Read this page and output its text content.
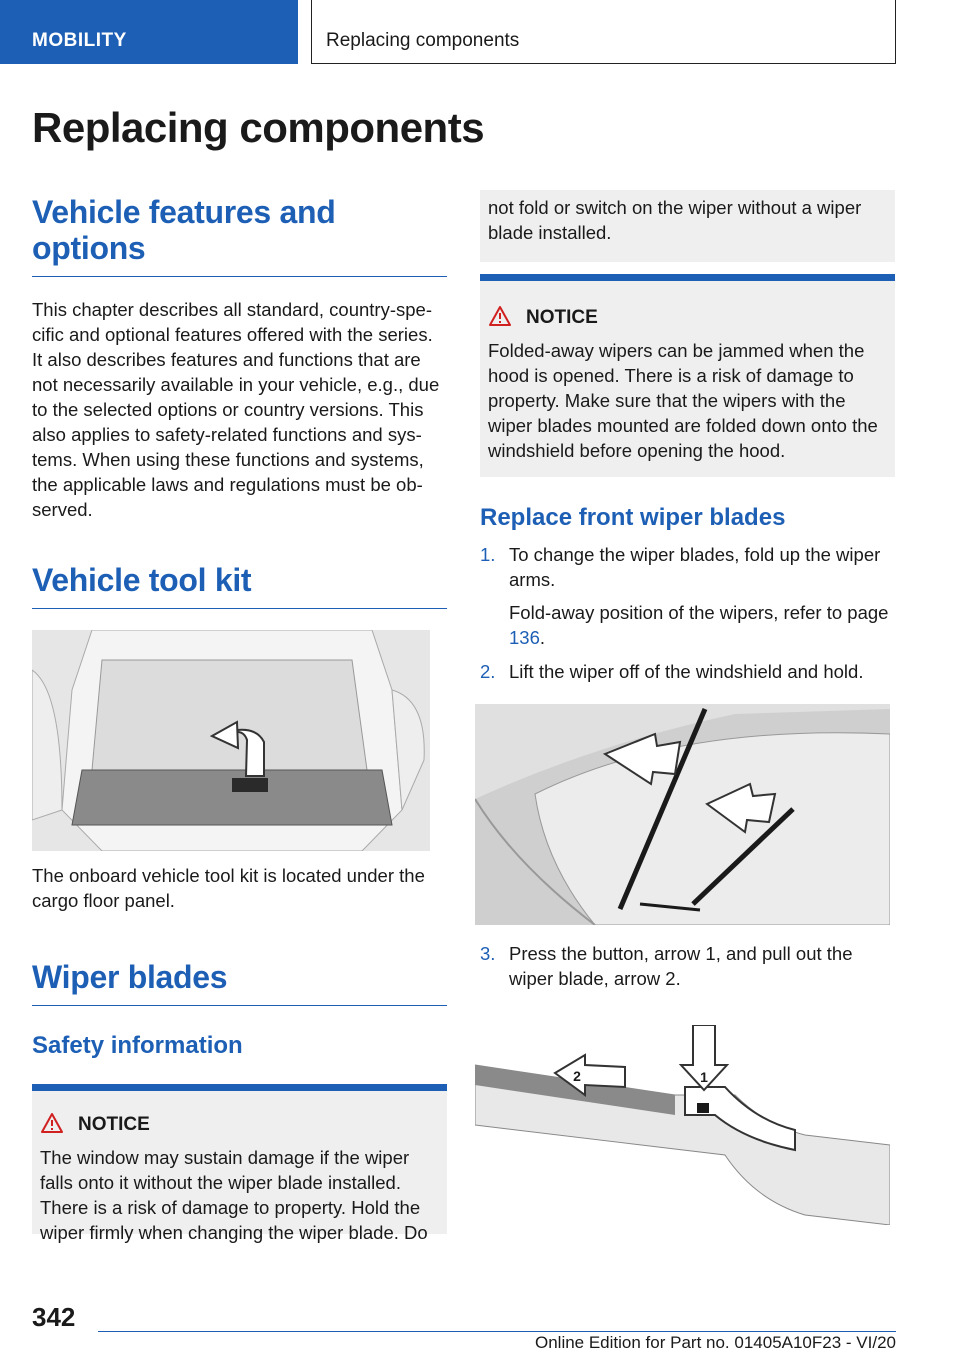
MOBILITY	Replacing components
Replacing components
Vehicle features and options

This chapter describes all standard, country-spe-cific and optional features offered with the series. It also describes features and functions that are not necessarily available in your vehicle, e.g., due to the selected options or country versions. This also applies to safety-related functions and sys-tems. When using these functions and systems, the applicable laws and regulations must be ob-served.

Vehicle tool kit

The onboard vehicle tool kit is located under the cargo floor panel.

Wiper blades
Safety information
NOTICE

The window may sustain damage if the wiper falls onto it without the wiper blade installed. There is a risk of damage to property. Hold the wiper firmly when changing the wiper blade. Do

not fold or switch on the wiper without a wiper blade installed.

NOTICE

Folded-away wipers can be jammed when the hood is opened. There is a risk of damage to property. Make sure that the wipers with the wiper blades mounted are folded down onto the windshield before opening the hood.

Replace front wiper blades
1. To change the wiper blades, fold up the wiper arms.

Fold-away position of the wipers, refer to page 136.

2. Lift the wiper off of the windshield and hold.

3. Press the button, arrow 1, and pull out the wiper blade, arrow 2.

1
2
342
Online Edition for Part no. 01405A10F23 - VI/20
